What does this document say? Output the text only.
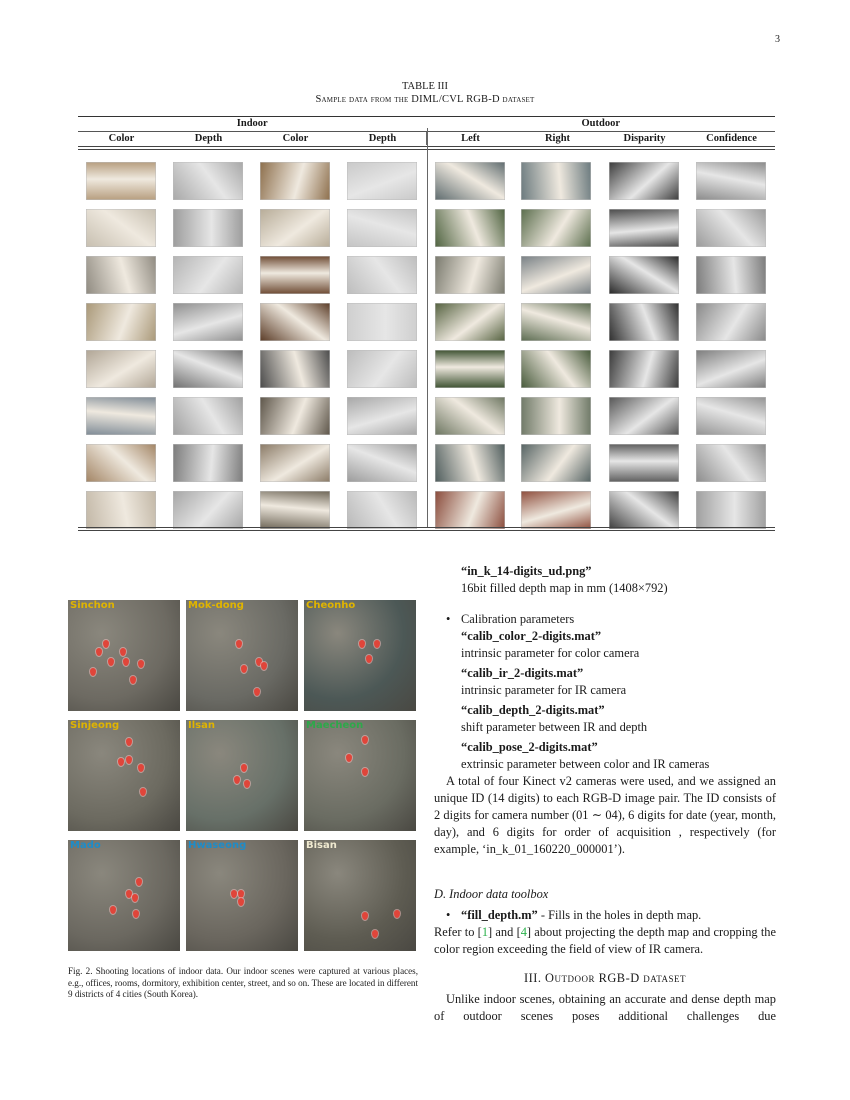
3
TABLE III
Sample data from the DIML/CVL RGB-D dataset
Indoor	Outdoor
Color	Depth	Color	Depth	Left	Right	Disparity	Confidence
Sinchon	Mok-dong	Cheonho
Sinjeong	Ilsan	Maecheon
Mado	Hwaseong	Bisan
Fig. 2. Shooting locations of indoor data. Our indoor scenes were captured at various places, e.g., offices, rooms, dormitory, exhibition center, street, and so on. These are located in different 9 districts of 4 cities (South Korea).
“in_k_14-digits_ud.png”
16bit filled depth map in mm (1408×792)
• Calibration parameters
“calib_color_2-digits.mat”
intrinsic parameter for color camera
“calib_ir_2-digits.mat”
intrinsic parameter for IR camera
“calib_depth_2-digits.mat”
shift parameter between IR and depth
“calib_pose_2-digits.mat”
extrinsic parameter between color and IR cameras
A total of four Kinect v2 cameras were used, and we assigned an unique ID (14 digits) to each RGB-D image pair. The ID consists of 2 digits for camera number (01 ∼ 04), 6 digits for date (year, month, day), and 6 digits for order of acquisition , respectively (for example, ‘in_k_01_160220_000001’).
D. Indoor data toolbox
• “fill_depth.m” - Fills in the holes in depth map.
Refer to [1] and [4] about projecting the depth map and cropping the color region exceeding the field of view of IR camera.
III. Outdoor RGB-D dataset
Unlike indoor scenes, obtaining an accurate and dense depth map of outdoor scenes poses additional challenges due
